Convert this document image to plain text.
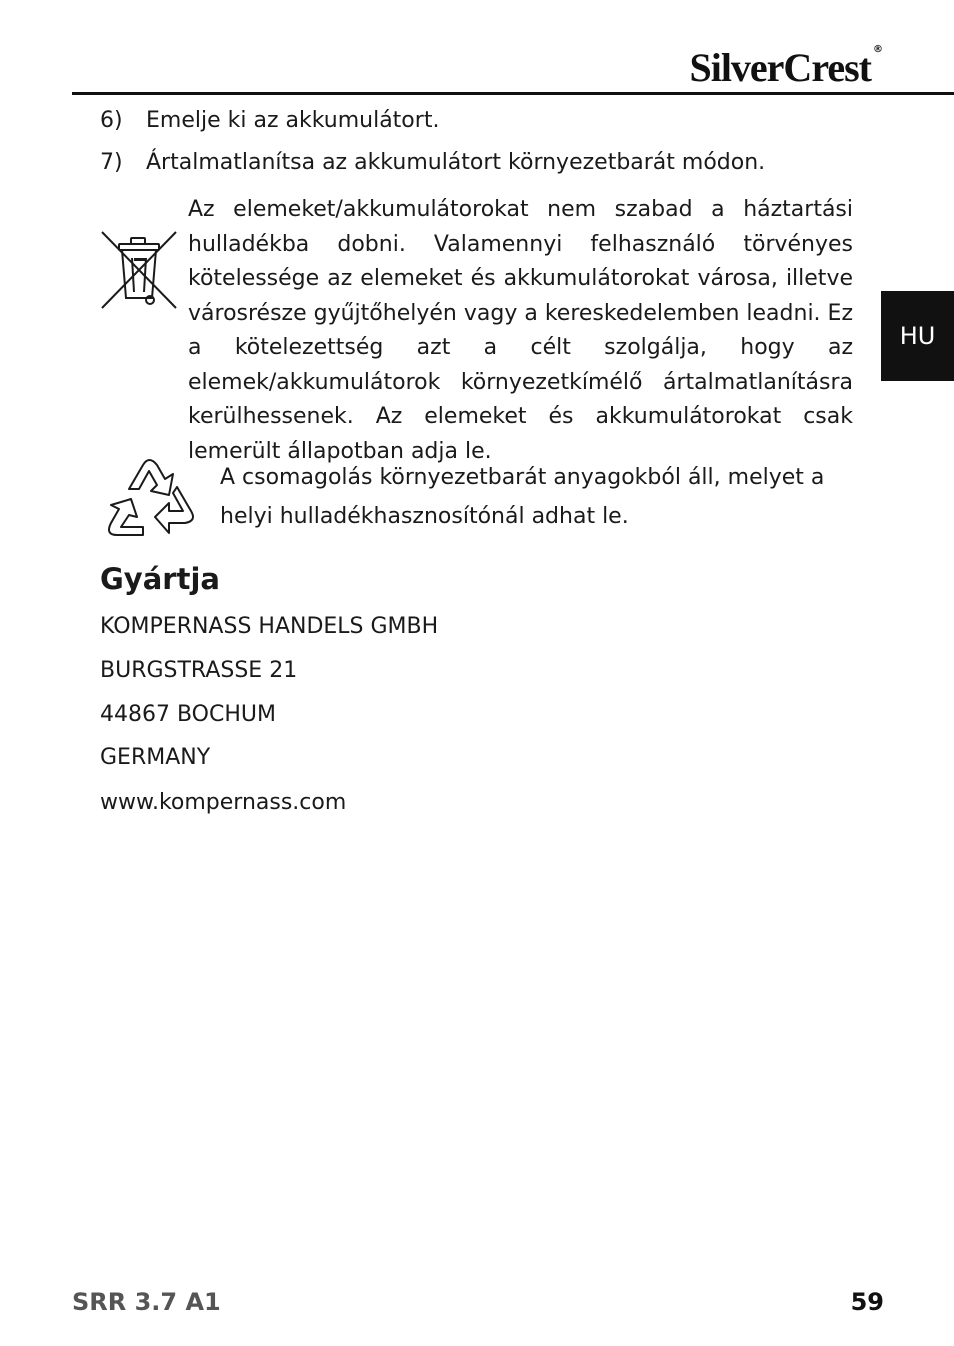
SilverCrest ®
HU
6) Emelje ki az akkumulátort.
7) Ártalmatlanítsa az akkumulátort környezetbarát módon.
Az elemeket/akkumulátorokat nem szabad a háztartási hulladékba dobni. Valamennyi felhasználó törvényes kötelessége az elemeket és akkumulátorokat városa, illetve városrésze gyűjtőhelyén vagy a kereskedelemben leadni. Ez a kötelezettség azt a célt szolgálja, hogy az elemek/akkumulátorok környezetkímélő ártalmatlanításra kerülhessenek. Az elemeket és akkumulátorokat csak lemerült állapotban adja le.
A csomagolás környezetbarát anyagokból áll, melyet a helyi hulladékhasznosítónál adhat le.
Gyártja
KOMPERNASS HANDELS GMBH
BURGSTRASSE 21
44867 BOCHUM
GERMANY
www.kompernass.com
SRR 3.7 A1	59
